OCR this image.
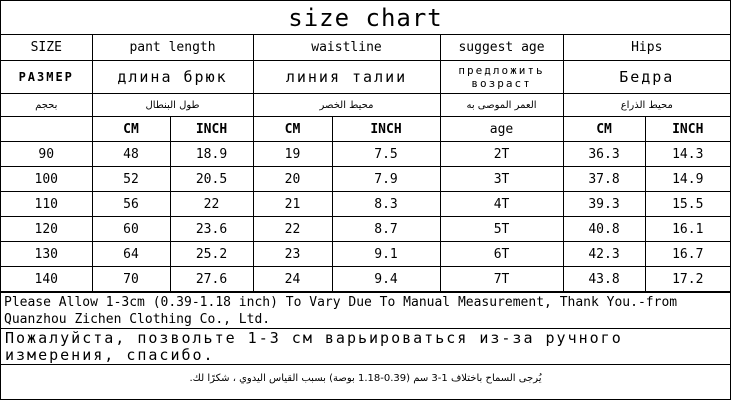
size chart
SIZE	pant length		waistline		suggest age	Hips	
РАЗМЕР	длина брюк		линия талии		предложить возраст	Бедра	
بحجم	طول البنطال		محيط الخصر		العمر الموصى به	محيط الذراع	
	CM	INCH	CM	INCH	age	CM	INCH
90	48	18.9	19	7.5	2T	36.3	14.3
100	52	20.5	20	7.9	3T	37.8	14.9
110	56	22	21	8.3	4T	39.3	15.5
120	60	23.6	22	8.7	5T	40.8	16.1
130	64	25.2	23	9.1	6T	42.3	16.7
140	70	27.6	24	9.4	7T	43.8	17.2
Please Allow 1-3cm (0.39-1.18 inch) To Vary Due To Manual Measurement, Thank You.-from Quanzhou Zichen Clothing Co., Ltd.
Пожалуйста, позвольте 1-3 см варьироваться из-за ручного измерения, спасибо.
يُرجى السماح باختلاف 1-3 سم (0.39-1.18 بوصة) بسبب القياس اليدوي ، شكرًا لك.
